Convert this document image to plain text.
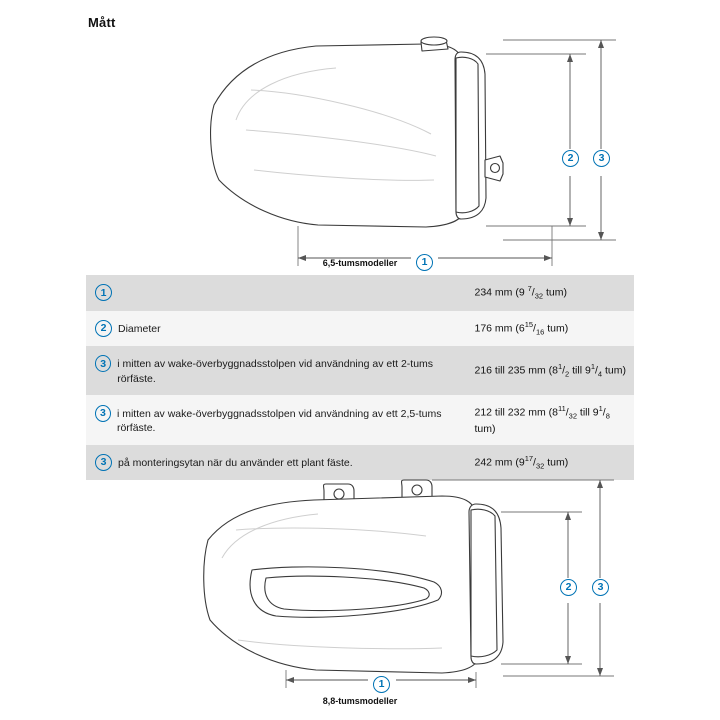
Mått
1
2	3
6,5-tumsmodeller
1	234 mm (9 $^7/_{32}$ tum)

2 Diameter	176 mm ($6^{15}/_{16}$ tum)

3 i mitten av wake-överbyggnadsstolpen vid användning av ett 2-tums rörfäste.	216 till 235 mm ($8^1/_2$ till $9^1/_4$ tum)

3 i mitten av wake-överbyggnadsstolpen vid användning av ett 2,5-tums rörfäste.	212 till 232 mm ($8^{11}/_{32}$ till $9^1/_8$ tum)

3 på monteringsytan när du använder ett plant fäste.	242 mm ($9^{17}/_{32}$ tum)
1
2	3
8,8-tumsmodeller
